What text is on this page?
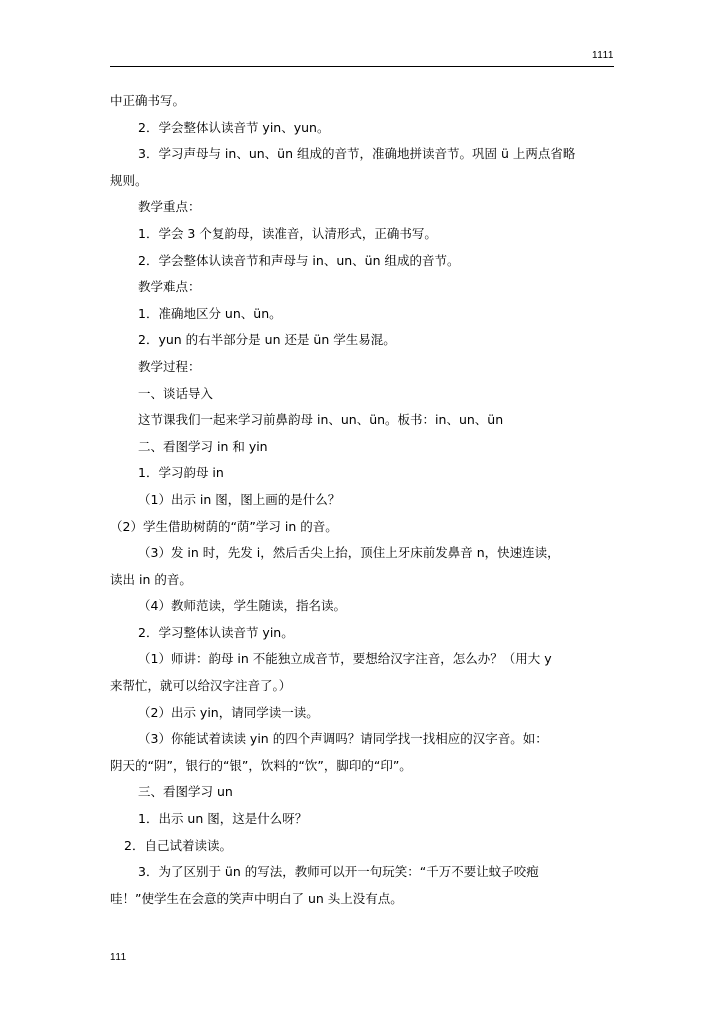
1111

中正确书写。

2．学会整体认读音节 yin、yun。

3．学习声母与 in、un、ün 组成的音节，准确地拼读音节。巩固 ü 上两点省略

规则。

教学重点：

1．学会 3 个复韵母，读准音，认清形式，正确书写。

2．学会整体认读音节和声母与 in、un、ün 组成的音节。

教学难点：

1．准确地区分 un、ün。

2．yun 的右半部分是 un 还是 ün 学生易混。

教学过程：

一、谈话导入

这节课我们一起来学习前鼻韵母 in、un、ün。板书：in、un、ün

二、看图学习 in 和 yin

1．学习韵母 in

（1）出示 in 图，图上画的是什么？

（2）学生借助树荫的“荫”学习 in 的音。

（3）发 in 时，先发 i，然后舌尖上抬，顶住上牙床前发鼻音 n，快速连读，

读出 in 的音。

（4）教师范读，学生随读，指名读。

2．学习整体认读音节 yin。

（1）师讲：韵母 in 不能独立成音节，要想给汉字注音，怎么办？（用大 y

来帮忙，就可以给汉字注音了。）

（2）出示 yin，请同学读一读。

（3）你能试着读读 yin 的四个声调吗？请同学找一找相应的汉字音。如：

阴天的“阴”，银行的“银”，饮料的“饮”，脚印的“印”。

三、看图学习 un

1．出示 un 图，这是什么呀？

2．自己试着读读。

3．为了区别于 ün 的写法，教师可以开一句玩笑：“千万不要让蚊子咬疱

哇！”使学生在会意的笑声中明白了 un 头上没有点。

111
